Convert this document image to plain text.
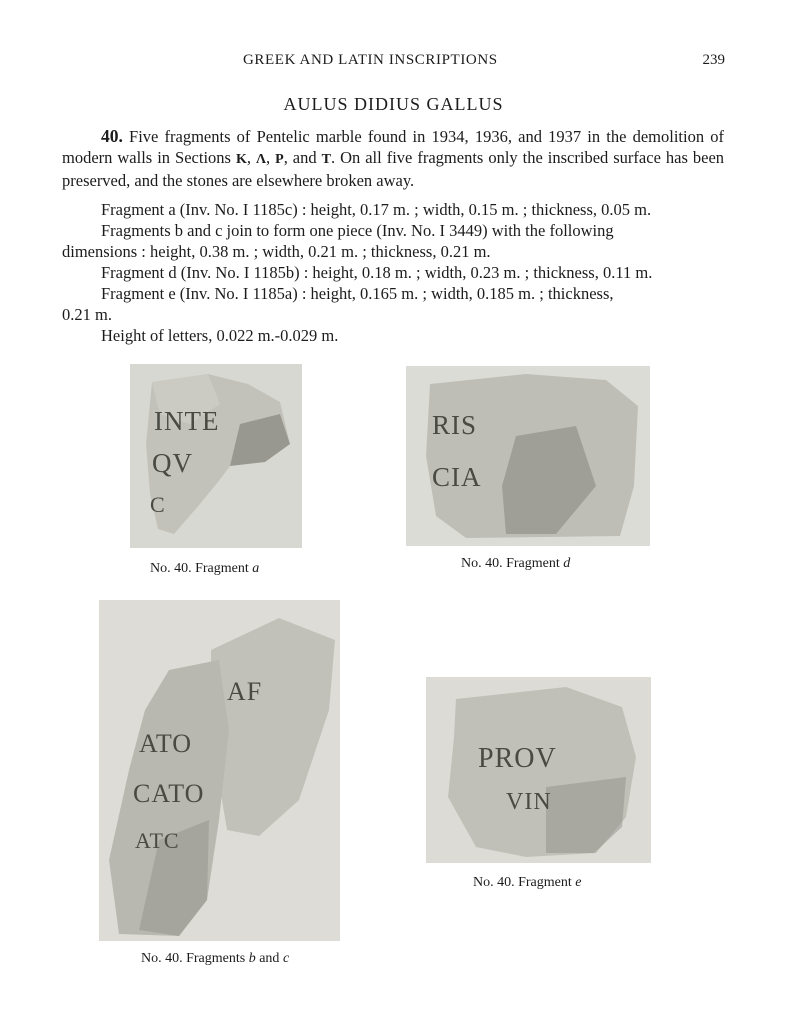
GREEK AND LATIN INSCRIPTIONS	239
AULUS DIDIUS GALLUS

40. Five fragments of Pentelic marble found in 1934, 1936, and 1937 in the demolition of modern walls in Sections Κ, Λ, Ρ, and Τ. On all five fragments only the inscribed surface has been preserved, and the stones are elsewhere broken away.

Fragment a (Inv. No. I 1185c) : height, 0.17 m. ; width, 0.15 m. ; thickness, 0.05 m.
Fragments b and c join to form one piece (Inv. No. I 3449) with the following
dimensions : height, 0.38 m. ; width, 0.21 m. ; thickness, 0.21 m.
Fragment d (Inv. No. I 1185b) : height, 0.18 m. ; width, 0.23 m. ; thickness, 0.11 m.
Fragment e (Inv. No. I 1185a) : height, 0.165 m. ; width, 0.185 m. ; thickness,
0.21 m.
Height of letters, 0.022 m.-0.029 m.
INTE
QV
C
No. 40. Fragment a
RIS
CIA
No. 40. Fragment d
AF
ATO
CATO
ATC
No. 40. Fragments b and c
PROV
VIN
No. 40. Fragment e
